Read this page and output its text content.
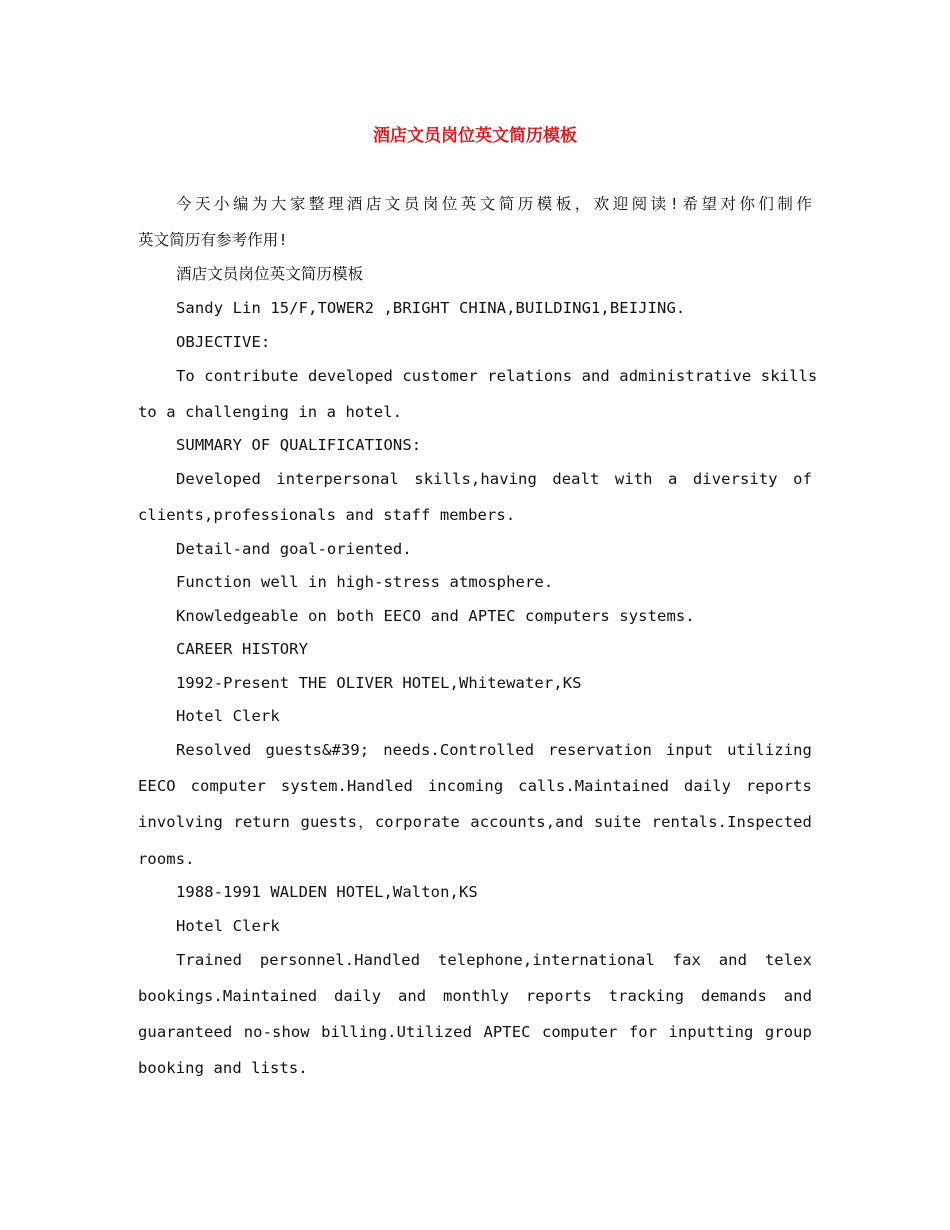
酒店文员岗位英文简历模板
今天小编为大家整理酒店文员岗位英文简历模板，欢迎阅读!希望对你们制作
英文简历有参考作用!
酒店文员岗位英文简历模板
Sandy Lin 15/F,TOWER2 ,BRIGHT CHINA,BUILDING1,BEIJING.
OBJECTIVE:
To contribute developed customer relations and administrative skills
to a challenging in a hotel.
SUMMARY OF QUALIFICATIONS:
Developed interpersonal skills,having dealt with a diversity of
clients,professionals and staff members.
Detail-and goal-oriented.
Function well in high-stress atmosphere.
Knowledgeable on both EECO and APTEC computers systems.
CAREER HISTORY
1992-Present THE OLIVER HOTEL,Whitewater,KS
Hotel Clerk
Resolved guests&#39; needs.Controlled reservation input utilizing
EECO computer system.Handled incoming calls.Maintained daily reports
involving return guests，corporate accounts,and suite rentals.Inspected
rooms.
1988-1991 WALDEN HOTEL,Walton,KS
Hotel Clerk
Trained personnel.Handled telephone,international fax and telex
bookings.Maintained daily and monthly reports tracking demands and
guaranteed no-show billing.Utilized APTEC computer for inputting group
booking and lists.
